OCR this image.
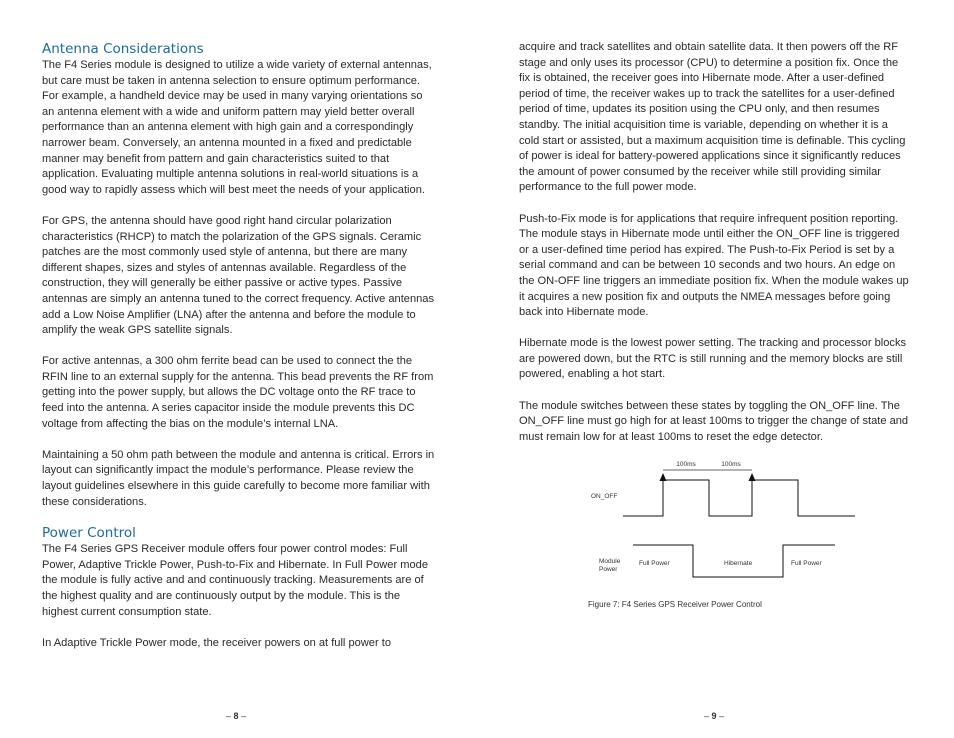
Antenna Considerations

The F4 Series module is designed to utilize a wide variety of external antennas, but care must be taken in antenna selection to ensure optimum performance. For example, a handheld device may be used in many varying orientations so an antenna element with a wide and uniform pattern may yield better overall performance than an antenna element with high gain and a correspondingly narrower beam. Conversely, an antenna mounted in a fixed and predictable manner may benefit from pattern and gain characteristics suited to that application. Evaluating multiple antenna solutions in real-world situations is a good way to rapidly assess which will best meet the needs of your application.

For GPS, the antenna should have good right hand circular polarization characteristics (RHCP) to match the polarization of the GPS signals. Ceramic patches are the most commonly used style of antenna, but there are many different shapes, sizes and styles of antennas available. Regardless of the construction, they will generally be either passive or active types. Passive antennas are simply an antenna tuned to the correct frequency. Active antennas add a Low Noise Amplifier (LNA) after the antenna and before the module to amplify the weak GPS satellite signals.

For active antennas, a 300 ohm ferrite bead can be used to connect the the RFIN line to an external supply for the antenna. This bead prevents the RF from getting into the power supply, but allows the DC voltage onto the RF trace to feed into the antenna. A series capacitor inside the module prevents this DC voltage from affecting the bias on the module’s internal LNA.

Maintaining a 50 ohm path between the module and antenna is critical. Errors in layout can significantly impact the module’s performance. Please review the layout guidelines elsewhere in this guide carefully to become more familiar with these considerations.

Power Control

The F4 Series GPS Receiver module offers four power control modes: Full Power, Adaptive Trickle Power, Push-to-Fix and Hibernate. In Full Power mode the module is fully active and and continuously tracking. Measurements are of the highest quality and are continuously output by the module. This is the highest current consumption state.

In Adaptive Trickle Power mode, the receiver powers on at full power to

acquire and track satellites and obtain satellite data. It then powers off the RF stage and only uses its processor (CPU) to determine a position fix. Once the fix is obtained, the receiver goes into Hibernate mode. After a user-defined period of time, the receiver wakes up to track the satellites for a user-defined period of time, updates its position using the CPU only, and then resumes standby. The initial acquisition time is variable, depending on whether it is a cold start or assisted, but a maximum acquisition time is definable. This cycling of power is ideal for battery-powered applications since it significantly reduces the amount of power consumed by the receiver while still providing similar performance to the full power mode.

Push-to-Fix mode is for applications that require infrequent position reporting. The module stays in Hibernate mode until either the ON_OFF line is triggered or a user-defined time period has expired. The Push-to-Fix Period is set by a serial command and can be between 10 seconds and two hours. An edge on the ON-OFF line triggers an immediate position fix. When the module wakes up it acquires a new position fix and outputs the NMEA messages before going back into Hibernate mode.

Hibernate mode is the lowest power setting. The tracking and processor blocks are powered down, but the RTC is still running and the memory blocks are still powered, enabling a hot start.

The module switches between these states by toggling the ON_OFF line. The ON_OFF line must go high for at least 100ms to trigger the change of state and must remain low for at least 100ms to reset the edge detector.

100ms	100ms
ON_OFF
Module
Power
Full Power	Hibernate	Full Power
Figure 7: F4 Series GPS Receiver Power Control
– 8 –	– 9 –
